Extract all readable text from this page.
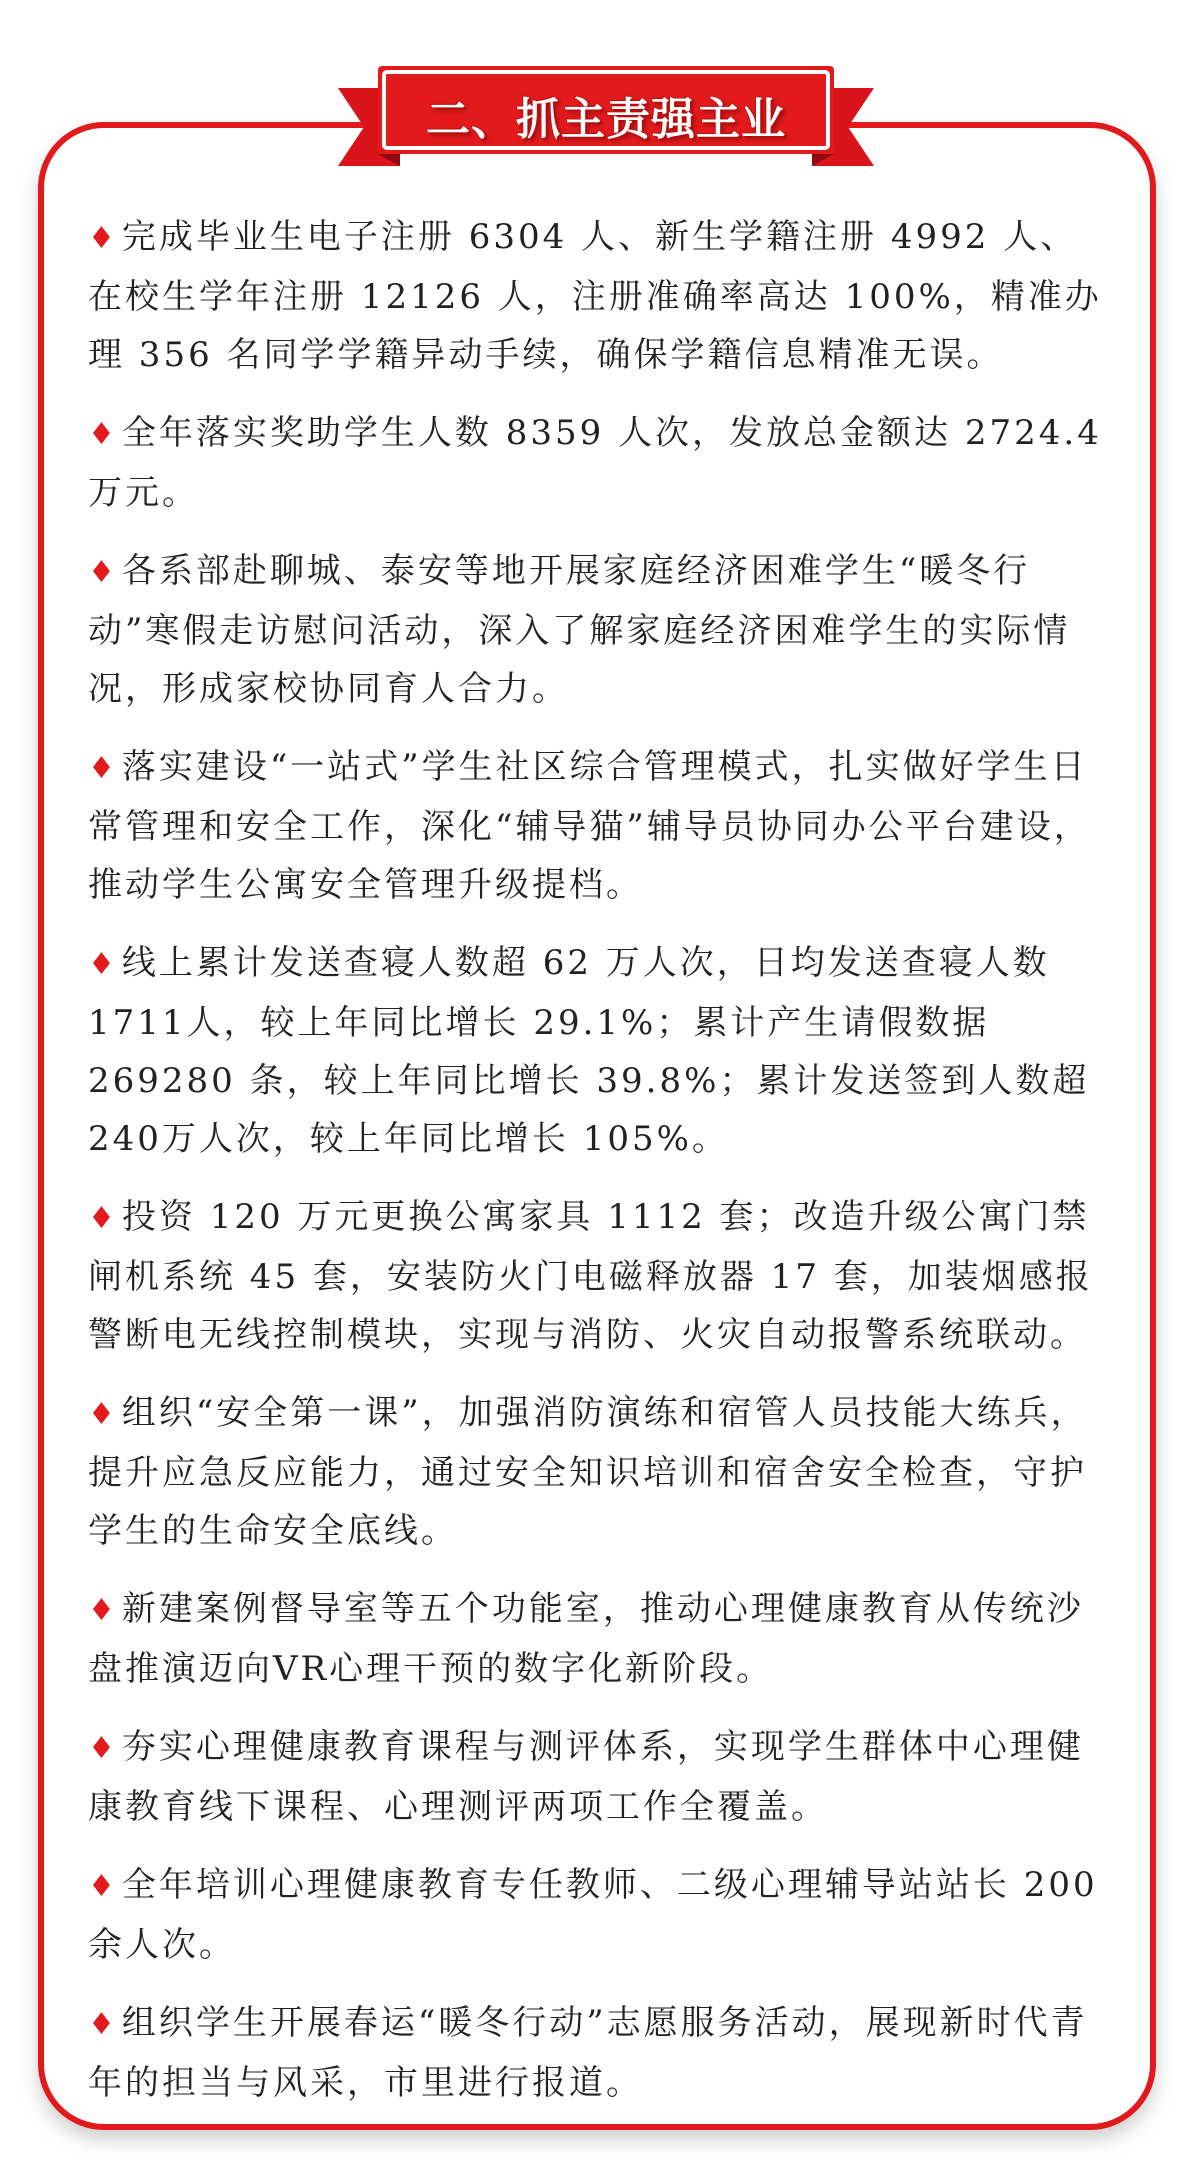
二、抓主责强主业

♦ 完成毕业生电子注册 6304 人、新生学籍注册 4992 人、在校生学年注册 12126 人，注册准确率高达 100%，精准办理 356 名同学学籍异动手续，确保学籍信息精准无误。

♦ 全年落实奖助学生人数 8359 人次，发放总金额达 2724.4 万元。

♦ 各系部赴聊城、泰安等地开展家庭经济困难学生“暖冬行动”寒假走访慰问活动，深入了解家庭经济困难学生的实际情况，形成家校协同育人合力。

♦ 落实建设“一站式”学生社区综合管理模式，扎实做好学生日常管理和安全工作，深化“辅导猫”辅导员协同办公平台建设，推动学生公寓安全管理升级提档。

♦ 线上累计发送查寝人数超 62 万人次，日均发送查寝人数 1711人，较上年同比增长 29.1%；累计产生请假数据 269280 条，较上年同比增长 39.8%；累计发送签到人数超 240万人次，较上年同比增长 105%。

♦ 投资 120 万元更换公寓家具 1112 套；改造升级公寓门禁闸机系统 45 套，安装防火门电磁释放器 17 套，加装烟感报警断电无线控制模块，实现与消防、火灾自动报警系统联动。

♦ 组织“安全第一课”，加强消防演练和宿管人员技能大练兵，提升应急反应能力，通过安全知识培训和宿舍安全检查，守护学生的生命安全底线。

♦ 新建案例督导室等五个功能室，推动心理健康教育从传统沙盘推演迈向VR心理干预的数字化新阶段。

♦ 夯实心理健康教育课程与测评体系，实现学生群体中心理健康教育线下课程、心理测评两项工作全覆盖。

♦ 全年培训心理健康教育专任教师、二级心理辅导站站长 200 余人次。

♦ 组织学生开展春运“暖冬行动”志愿服务活动，展现新时代青年的担当与风采，市里进行报道。
